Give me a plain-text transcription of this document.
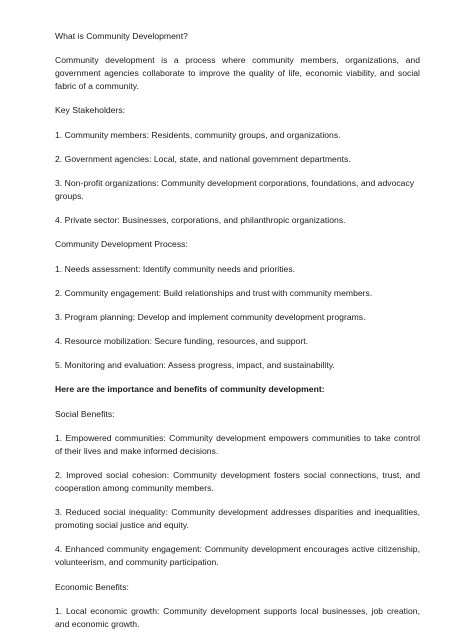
What is Community Development?

Community development is a process where community members, organizations, and government agencies collaborate to improve the quality of life, economic viability, and social fabric of a community.

Key Stakeholders:

1. Community members: Residents, community groups, and organizations.

2. Government agencies: Local, state, and national government departments.

3. Non-profit organizations: Community development corporations, foundations, and advocacy groups.

4. Private sector: Businesses, corporations, and philanthropic organizations.

Community Development Process:

1. Needs assessment: Identify community needs and priorities.

2. Community engagement: Build relationships and trust with community members.

3. Program planning: Develop and implement community development programs.

4. Resource mobilization: Secure funding, resources, and support.

5. Monitoring and evaluation: Assess progress, impact, and sustainability.

Here are the importance and benefits of community development:

Social Benefits:

1. Empowered communities: Community development empowers communities to take control of their lives and make informed decisions.

2. Improved social cohesion: Community development fosters social connections, trust, and cooperation among community members.

3. Reduced social inequality: Community development addresses disparities and inequalities, promoting social justice and equity.

4. Enhanced community engagement: Community development encourages active citizenship, volunteerism, and community participation.

Economic Benefits:

1. Local economic growth: Community development supports local businesses, job creation, and economic growth.
